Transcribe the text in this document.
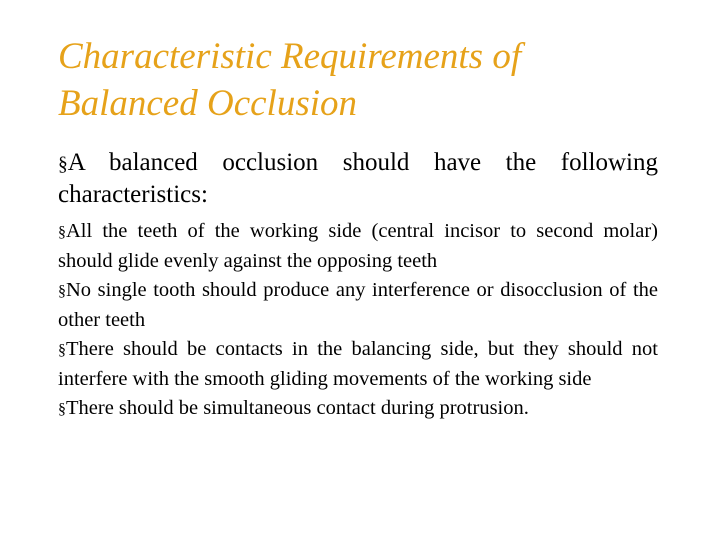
Characteristic Requirements of
Balanced Occlusion

§A balanced occlusion should have the following characteristics:

§All the teeth of the working side (central incisor to second molar) should glide evenly against the opposing teeth

§No single tooth should produce any interference or disocclusion of the other teeth

§There should be contacts in the balancing side, but they should not interfere with the smooth gliding movements of the working side

§There should be simultaneous contact during protrusion.
